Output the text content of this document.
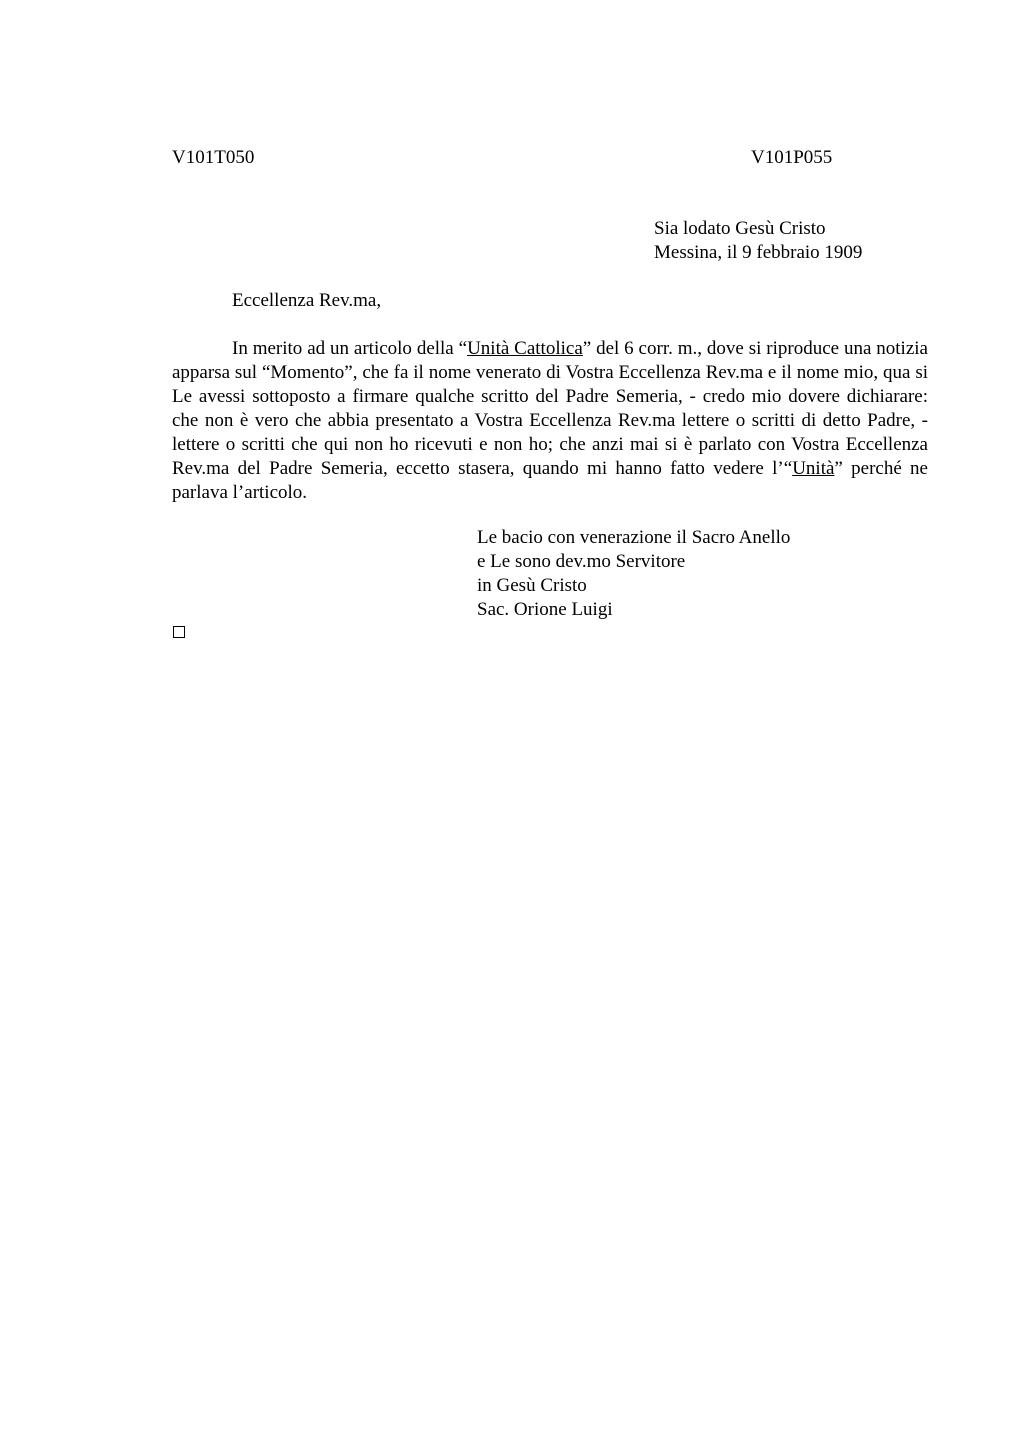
V101T050	V101P055
Sia lodato Gesù Cristo
Messina, il 9 febbraio 1909
Eccellenza Rev.ma,

In merito ad un articolo della “Unità Cattolica” del 6 corr. m., dove si riproduce una notizia apparsa sul “Momento”, che fa il nome venerato di Vostra Eccellenza Rev.ma e il nome mio, qua si Le avessi sottoposto a firmare qualche scritto del Padre Semeria, - credo mio dovere dichiarare: che non è vero che abbia presentato a Vostra Eccellenza Rev.ma lettere o scritti di detto Padre, - lettere o scritti che qui non ho ricevuti e non ho; che anzi mai si è parlato con Vostra Eccellenza Rev.ma del Padre Semeria, eccetto stasera, quando mi hanno fatto vedere l’“Unità” perché ne parlava l’articolo.

Le bacio con venerazione il Sacro Anello
e Le sono dev.mo Servitore
in Gesù Cristo
Sac. Orione Luigi
